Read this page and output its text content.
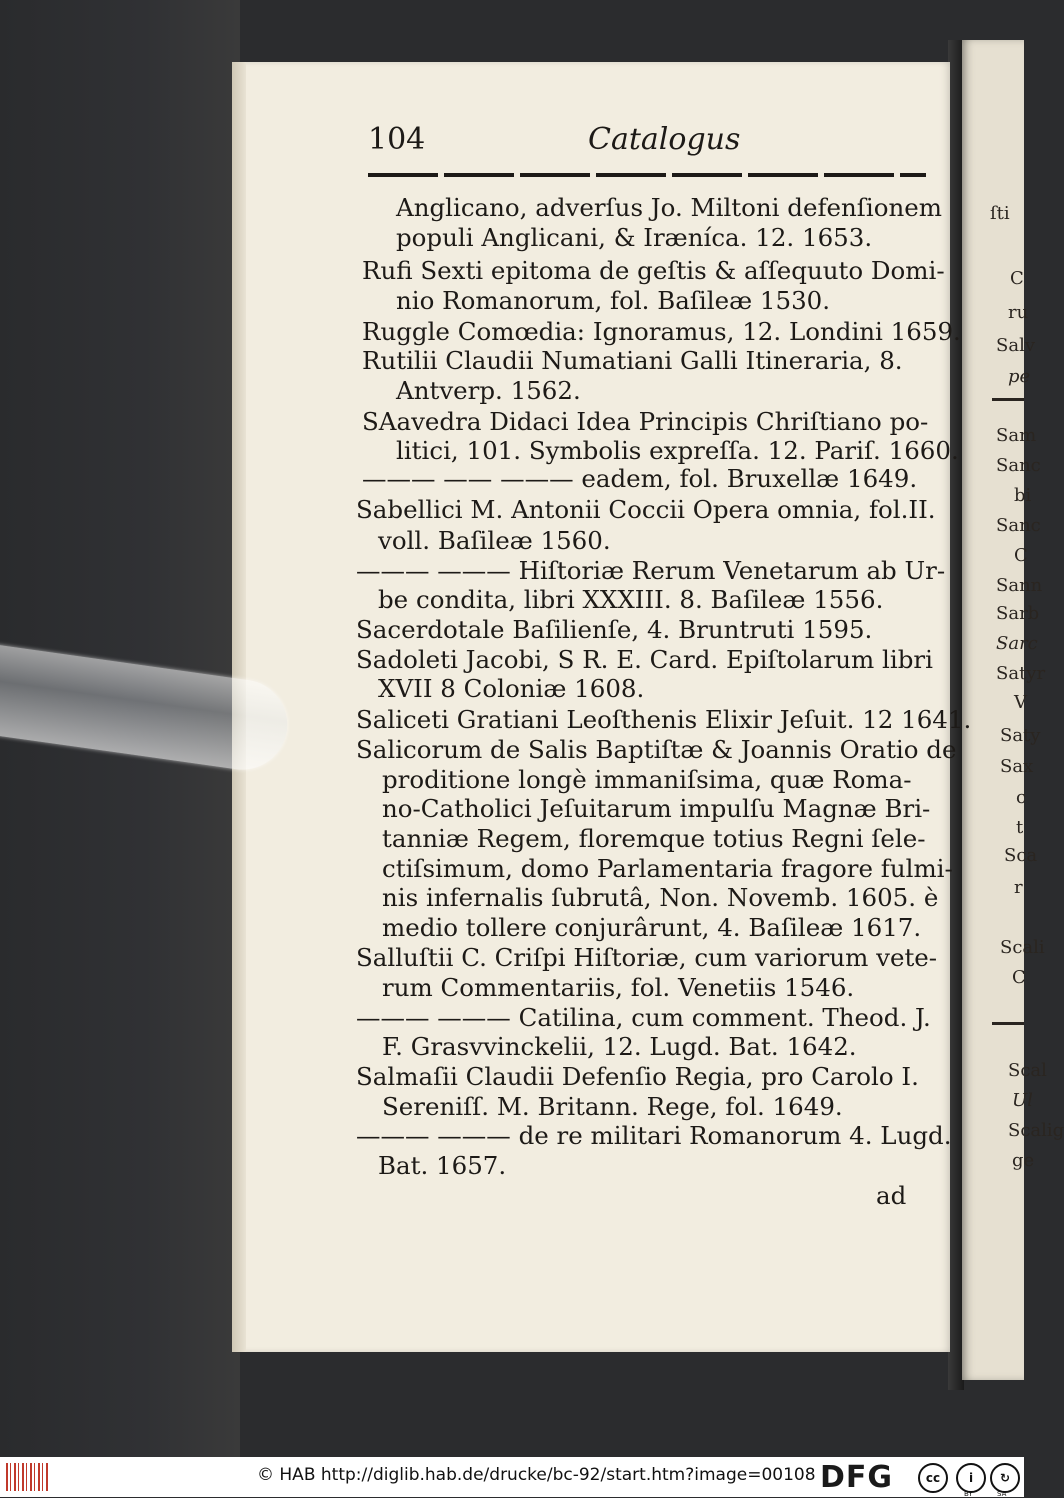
ſti
C
ru
Salv
pe
Sam
Sanc
bi
Sanc
C
Sann
Sarb
Sarc
Satyr
V
Saty
Sax
c
t
Sca
r
Scali
C
Scal
Ul
Scalig
ge
104	Catalogus
Anglicano, adverſus Jo. Miltoni defenſionem
populi Anglicani, & Iræníca. 12. 1653.
Rufi Sexti epitoma de geſtis & aſſequuto Domi-
nio Romanorum, fol. Baſileæ 1530.
Ruggle Comœdia: Ignoramus, 12. Londini 1659.
Rutilii Claudii Numatiani Galli Itineraria, 8.
Antverp. 1562.
SAavedra Didaci Idea Principis Chriſtiano po-
litici, 101. Symbolis expreſſa. 12. Pariſ. 1660.
——— —— ——— eadem, fol. Bruxellæ 1649.
Sabellici M. Antonii Coccii Opera omnia, fol.II.
voll. Baſileæ 1560.
——— ——— Hiſtoriæ Rerum Venetarum ab Ur-
be condita, libri XXXIII. 8. Baſileæ 1556.
Sacerdotale Baſilienſe, 4. Bruntruti 1595.
Sadoleti Jacobi, S R. E. Card. Epiſtolarum libri
XVII 8 Coloniæ 1608.
Saliceti Gratiani Leoſthenis Elixir Jeſuit. 12 1641.
Salicorum de Salis Baptiſtæ & Joannis Oratio de
proditione longè immaniſsima, quæ Roma-
no-Catholici Jeſuitarum impulſu Magnæ Bri-
tanniæ Regem, floremque totius Regni ſele-
ctiſsimum, domo Parlamentaria fragore fulmi-
nis infernalis ſubrutâ, Non. Novemb. 1605. è
medio tollere conjurârunt, 4. Baſileæ 1617.
Salluſtii C. Criſpi Hiſtoriæ, cum variorum vete-
rum Commentariis, fol. Venetiis 1546.
——— ——— Catilina, cum comment. Theod. J.
F. Grasvvinckelii, 12. Lugd. Bat. 1642.
Salmaſii Claudii Defenſio Regia, pro Carolo I.
Sereniſſ. M. Britann. Rege, fol. 1649.
——— ——— de re militari Romanorum 4. Lugd.
Bat. 1657.
ad
© HAB http://diglib.hab.de/drucke/bc-92/start.htm?image=00108 DFG	cc	i	↻
BY	SA
